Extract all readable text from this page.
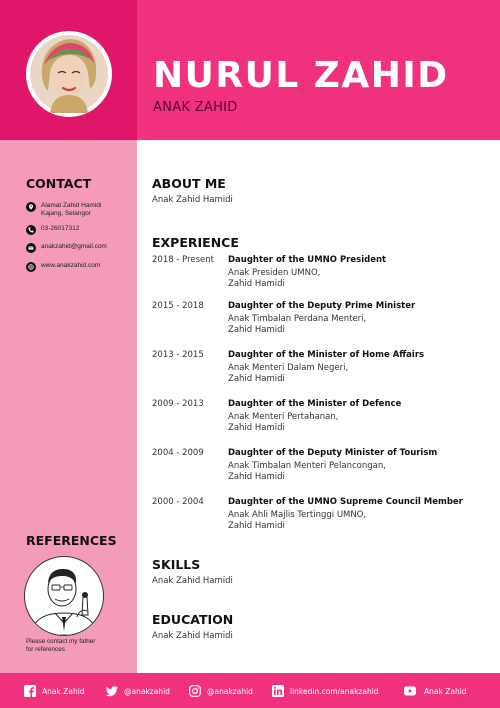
NURUL ZAHID
ANAK ZAHID
CONTACT
Alamat Zahid Hamidi
Kajang, Selangor
03-26017312
anakzahid@gmail.com
www.anakzahid.com
REFERENCES
Please contact my father
for references
ABOUT ME
Anak Zahid Hamidi
EXPERIENCE
2018 - Present Daughter of the UMNO President
Anak Presiden UMNO,
Zahid Hamidi
2015 - 2018	Daughter of the Deputy Prime Minister
Anak Timbalan Perdana Menteri,
Zahid Hamidi
2013 - 2015	Daughter of the Minister of Home Affairs
Anak Menteri Dalam Negeri,
Zahid Hamidi
2009 - 2013	Daughter of the Minister of Defence
Anak Menteri Pertahanan,
Zahid Hamidi
2004 - 2009	Daughter of the Deputy Minister of Tourism
Anak Timbalan Menteri Pelancongan,
Zahid Hamidi
2000 - 2004	Daughter of the UMNO Supreme Council Member
Anak Ahli Majlis Tertinggi UMNO,
Zahid Hamidi
SKILLS
Anak Zahid Hamidi
EDUCATION
Anak Zahid Hamidi
Anak Zahid	@anakzahid	@anakzahid	linkedin.com/anakzahid	Anak Zahid
